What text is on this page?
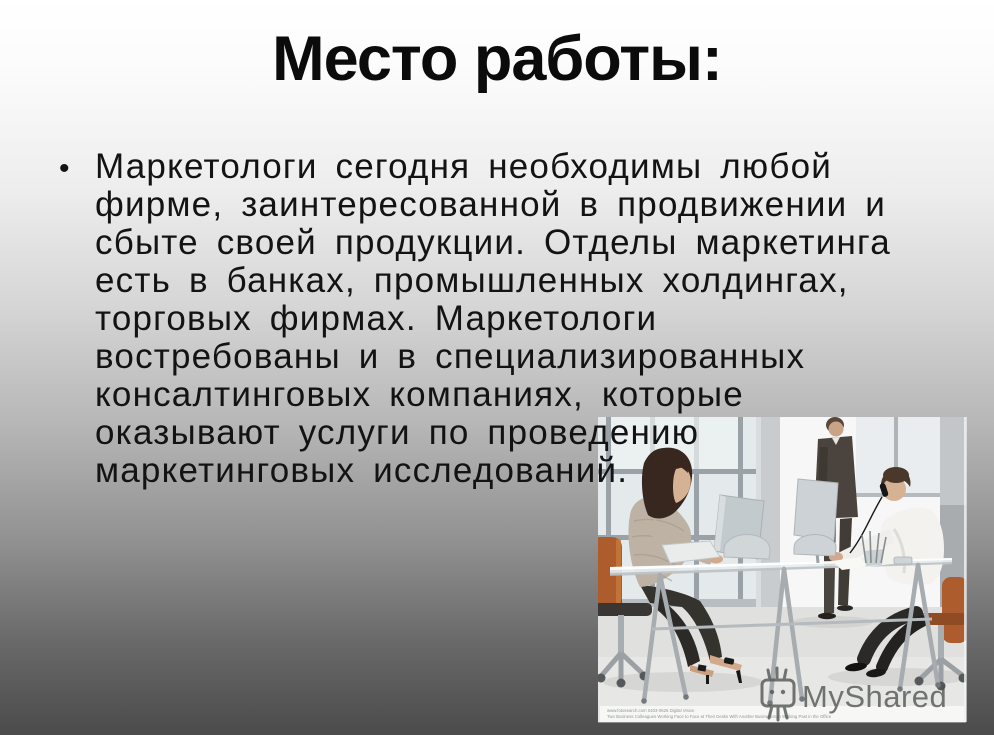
Место работы:
www.fotosearch.com 0403-0626 Digital Vision
Two Business Colleagues Working Face to Face at Their Desks With Another Businessman Walking Past in the Office
MyShared
• Маркетологи сегодня необходимы любой
фирме, заинтересованной в продвижении и
сбыте своей продукции. Отделы маркетинга
есть в банках, промышленных холдингах,
торговых фирмах. Маркетологи
востребованы и в специализированных
консалтинговых компаниях, которые
оказывают услуги по проведению
маркетинговых исследований.
